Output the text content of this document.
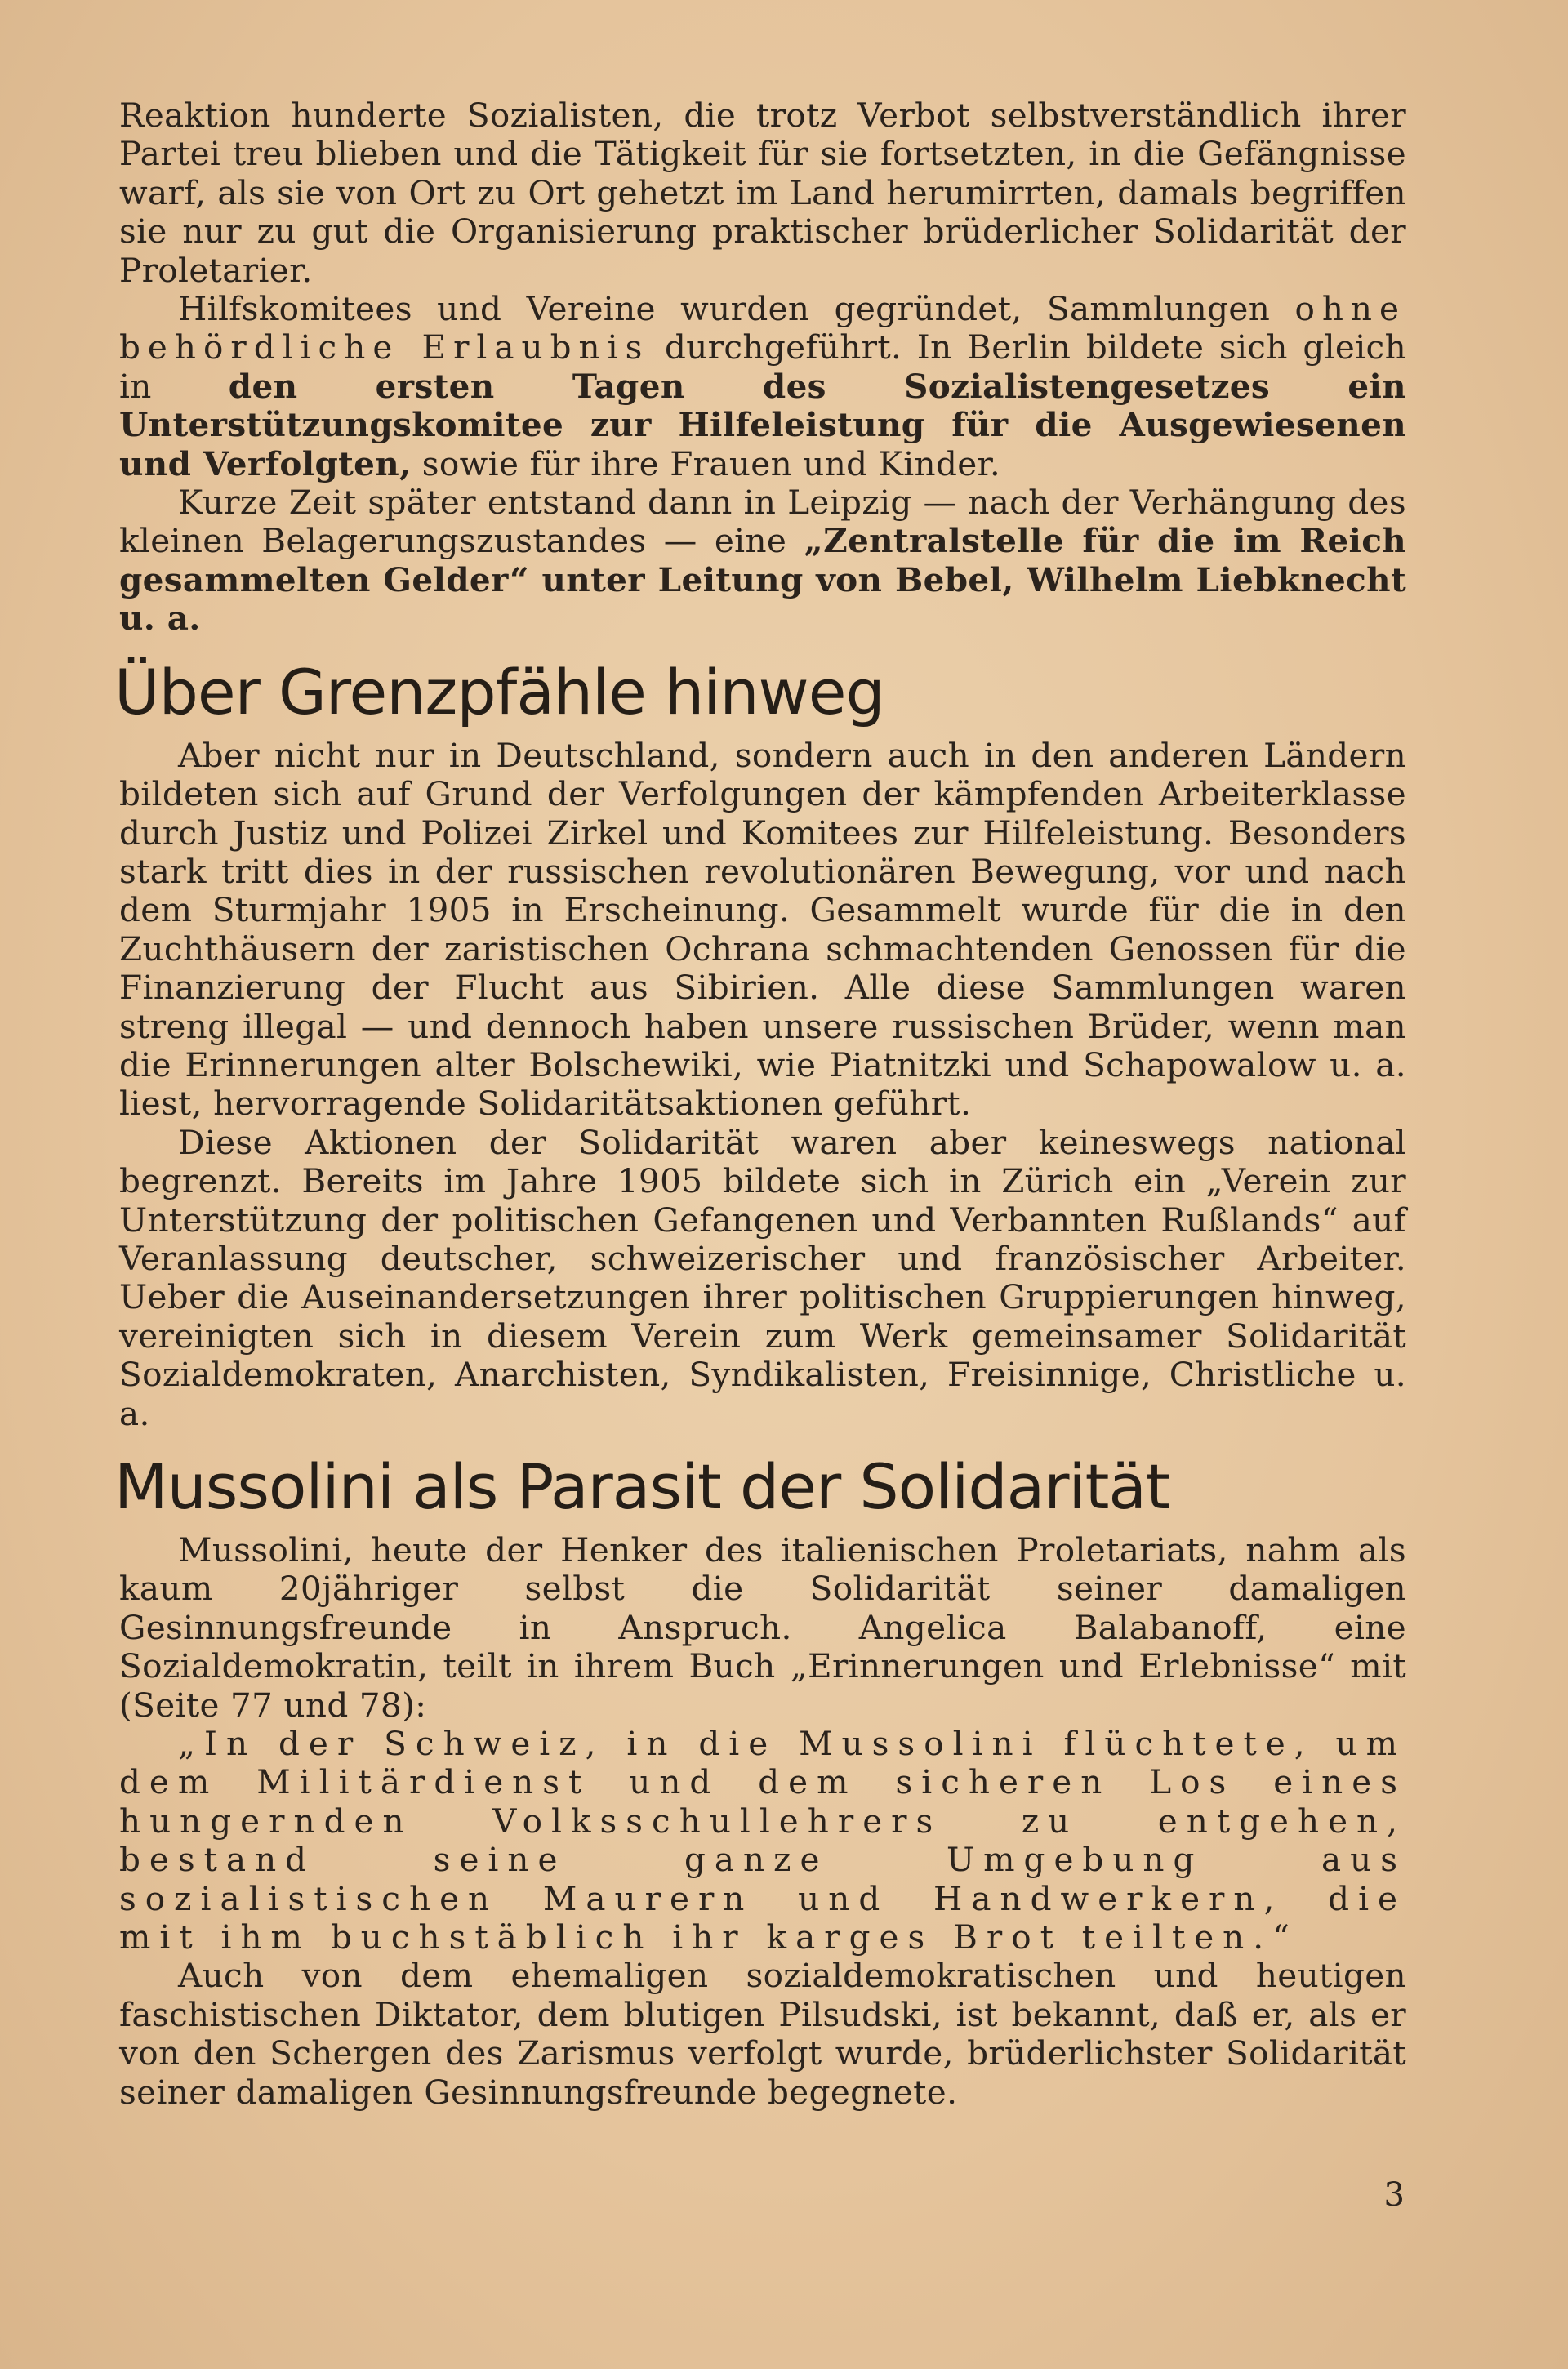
Reaktion hunderte Sozialisten, die trotz Verbot selbstverständlich ihrer Partei treu blieben und die Tätigkeit für sie fortsetzten, in die Gefängnisse warf, als sie von Ort zu Ort gehetzt im Land herumirrten, damals begriffen sie nur zu gut die Organisierung praktischer brüderlicher Solidarität der Proletarier.

Hilfskomitees und Vereine wurden gegründet, Sammlungen ohne behördliche Erlaubnis durchgeführt. In Berlin bildete sich gleich in den ersten Tagen des Sozialistengesetzes ein Unterstützungskomitee zur Hilfeleistung für die Ausgewiesenen und Verfolgten, sowie für ihre Frauen und Kinder.

Kurze Zeit später entstand dann in Leipzig — nach der Verhängung des kleinen Belagerungszustandes — eine „Zentralstelle für die im Reich gesammelten Gelder“ unter Leitung von Bebel, Wilhelm Liebknecht u. a.

Über Grenzpfähle hinweg

Aber nicht nur in Deutschland, sondern auch in den anderen Ländern bildeten sich auf Grund der Verfolgungen der kämpfenden Arbeiterklasse durch Justiz und Polizei Zirkel und Komitees zur Hilfeleistung. Besonders stark tritt dies in der russischen revolutionären Bewegung, vor und nach dem Sturmjahr 1905 in Erscheinung. Gesammelt wurde für die in den Zuchthäusern der zaristischen Ochrana schmachtenden Genossen für die Finanzierung der Flucht aus Sibirien. Alle diese Sammlungen waren streng illegal — und dennoch haben unsere russischen Brüder, wenn man die Erinnerungen alter Bolschewiki, wie Piatnitzki und Schapowalow u. a. liest, hervorragende Solidaritätsaktionen geführt.

Diese Aktionen der Solidarität waren aber keineswegs national begrenzt. Bereits im Jahre 1905 bildete sich in Zürich ein „Verein zur Unterstützung der politischen Gefangenen und Verbannten Rußlands“ auf Veranlassung deutscher, schweizerischer und französischer Arbeiter. Ueber die Auseinandersetzungen ihrer politischen Gruppierungen hinweg, vereinigten sich in diesem Verein zum Werk gemeinsamer Solidarität Sozialdemokraten, Anarchisten, Syndikalisten, Freisinnige, Christliche u. a.

Mussolini als Parasit der Solidarität

Mussolini, heute der Henker des italienischen Proletariats, nahm als kaum 20jähriger selbst die Solidarität seiner damaligen Gesinnungsfreunde in Anspruch. Angelica Balabanoff, eine Sozialdemokratin, teilt in ihrem Buch „Erinnerungen und Erlebnisse“ mit (Seite 77 und 78):

„In der Schweiz, in die Mussolini flüchtete, um dem Militärdienst und dem sicheren Los eines hungernden Volksschullehrers zu entgehen, bestand seine ganze Umgebung aus sozialistischen Maurern und Handwerkern, die mit ihm buchstäblich ihr karges Brot teilten.“

Auch von dem ehemaligen sozialdemokratischen und heutigen faschistischen Diktator, dem blutigen Pilsudski, ist bekannt, daß er, als er von den Schergen des Zarismus verfolgt wurde, brüderlichster Solidarität seiner damaligen Gesinnungsfreunde begegnete.

3
